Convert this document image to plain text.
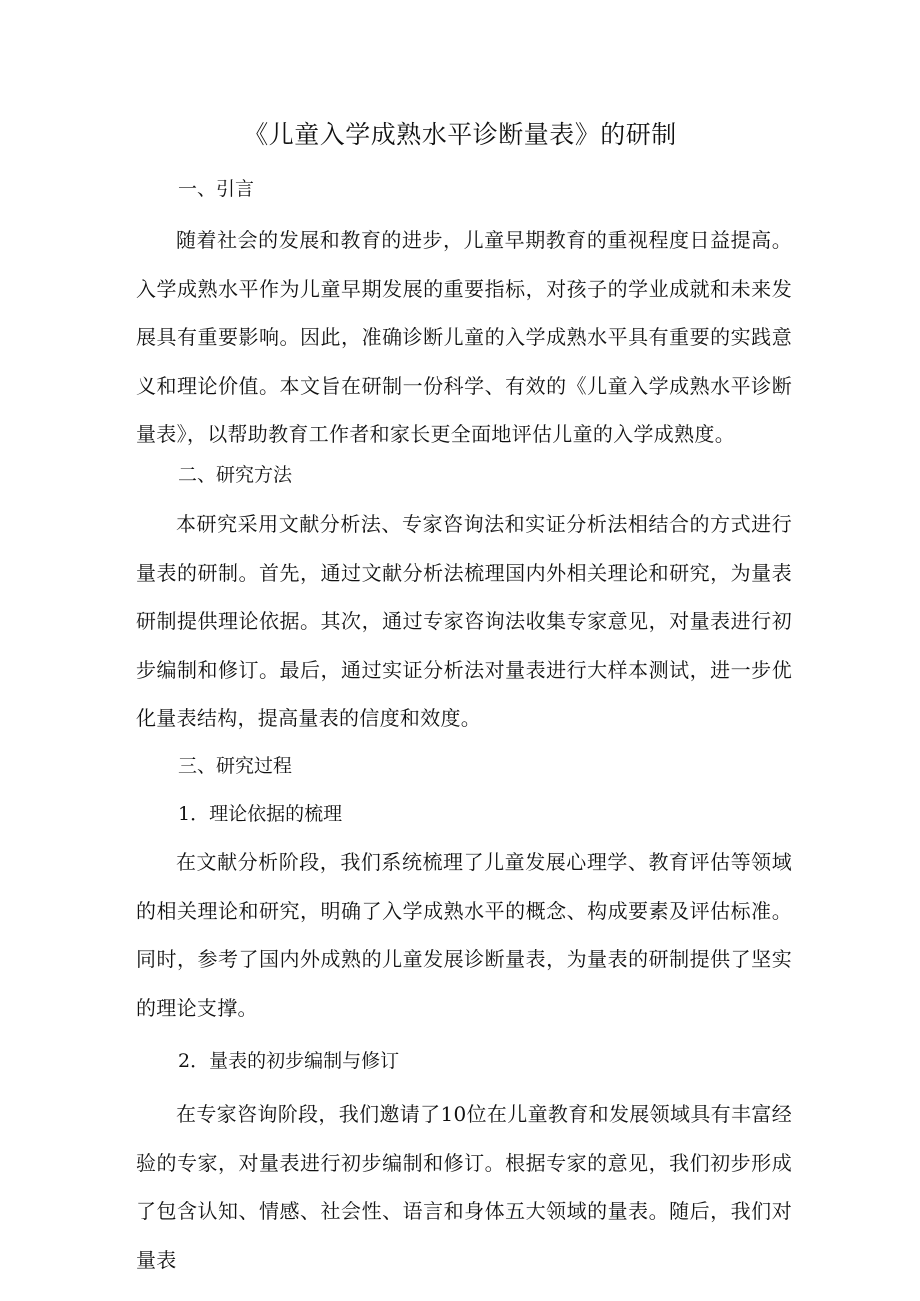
《儿童入学成熟水平诊断量表》的研制
一、引言

随着社会的发展和教育的进步，儿童早期教育的重视程度日益提高。入学成熟水平作为儿童早期发展的重要指标，对孩子的学业成就和未来发展具有重要影响。因此，准确诊断儿童的入学成熟水平具有重要的实践意义和理论价值。本文旨在研制一份科学、有效的《儿童入学成熟水平诊断量表》，以帮助教育工作者和家长更全面地评估儿童的入学成熟度。

二、研究方法

本研究采用文献分析法、专家咨询法和实证分析法相结合的方式进行量表的研制。首先，通过文献分析法梳理国内外相关理论和研究，为量表研制提供理论依据。其次，通过专家咨询法收集专家意见，对量表进行初步编制和修订。最后，通过实证分析法对量表进行大样本测试，进一步优化量表结构，提高量表的信度和效度。

三、研究过程
1．理论依据的梳理

在文献分析阶段，我们系统梳理了儿童发展心理学、教育评估等领域的相关理论和研究，明确了入学成熟水平的概念、构成要素及评估标准。同时，参考了国内外成熟的儿童发展诊断量表，为量表的研制提供了坚实的理论支撑。

2．量表的初步编制与修订

在专家咨询阶段，我们邀请了10位在儿童教育和发展领域具有丰富经验的专家，对量表进行初步编制和修订。根据专家的意见，我们初步形成了包含认知、情感、社会性、语言和身体五大领域的量表。随后，我们对量表
